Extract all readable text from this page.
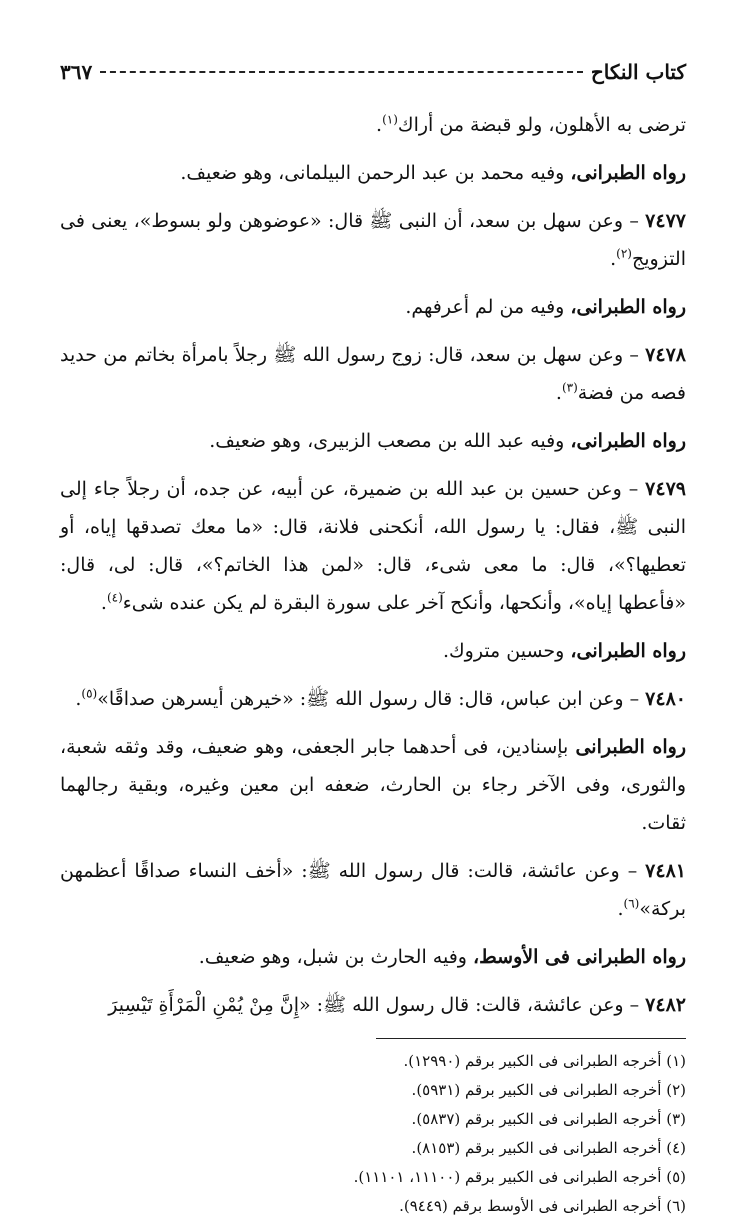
كتاب النكاح
٣٦٧

ترضى به الأهلون، ولو قبضة من أراك$^{(١)}$.

رواه الطبرانى، وفيه محمد بن عبد الرحمن البيلمانى، وهو ضعيف.

٧٤٧٧ – وعن سهل بن سعد، أن النبى ﷺ قال: «عوضوهن ولو بسوط»، يعنى فى التزويج$^{(٢)}$.

رواه الطبرانى، وفيه من لم أعرفهم.

٧٤٧٨ – وعن سهل بن سعد، قال: زوج رسول الله ﷺ رجلاً بامرأة بخاتم من حديد فصه من فضة$^{(٣)}$.

رواه الطبرانى، وفيه عبد الله بن مصعب الزبيرى، وهو ضعيف.

٧٤٧٩ – وعن حسين بن عبد الله بن ضميرة، عن أبيه، عن جده، أن رجلاً جاء إلى النبى ﷺ، فقال: يا رسول الله، أنكحنى فلانة، قال: «ما معك تصدقها إياه، أو تعطيها؟»، قال: ما معى شىء، قال: «لمن هذا الخاتم؟»، قال: لى، قال: «فأعطها إياه»، وأنكحها، وأنكح آخر على سورة البقرة لم يكن عنده شىء$^{(٤)}$.

رواه الطبرانى، وحسين متروك.

٧٤٨٠ – وعن ابن عباس، قال: قال رسول الله ﷺ: «خيرهن أيسرهن صداقًا»$^{(٥)}$.

رواه الطبرانى بإسنادين، فى أحدهما جابر الجعفى، وهو ضعيف، وقد وثقه شعبة، والثورى، وفى الآخر رجاء بن الحارث، ضعفه ابن معين وغيره، وبقية رجالهما ثقات.

٧٤٨١ – وعن عائشة، قالت: قال رسول الله ﷺ: «أخف النساء صداقًا أعظمهن بركة»$^{(٦)}$.

رواه الطبرانى فى الأوسط، وفيه الحارث بن شبل، وهو ضعيف.

٧٤٨٢ – وعن عائشة، قالت: قال رسول الله ﷺ: «إِنَّ مِنْ يُمْنِ الْمَرْأَةِ تَيْسِيرَ

(١) أخرجه الطبرانى فى الكبير برقم (١٢٩٩٠).
(٢) أخرجه الطبرانى فى الكبير برقم (٥٩٣١).
(٣) أخرجه الطبرانى فى الكبير برقم (٥٨٣٧).
(٤) أخرجه الطبرانى فى الكبير برقم (٨١٥٣).
(٥) أخرجه الطبرانى فى الكبير برقم (١١١٠٠، ١١١٠١).
(٦) أخرجه الطبرانى فى الأوسط برقم (٩٤٤٩).
